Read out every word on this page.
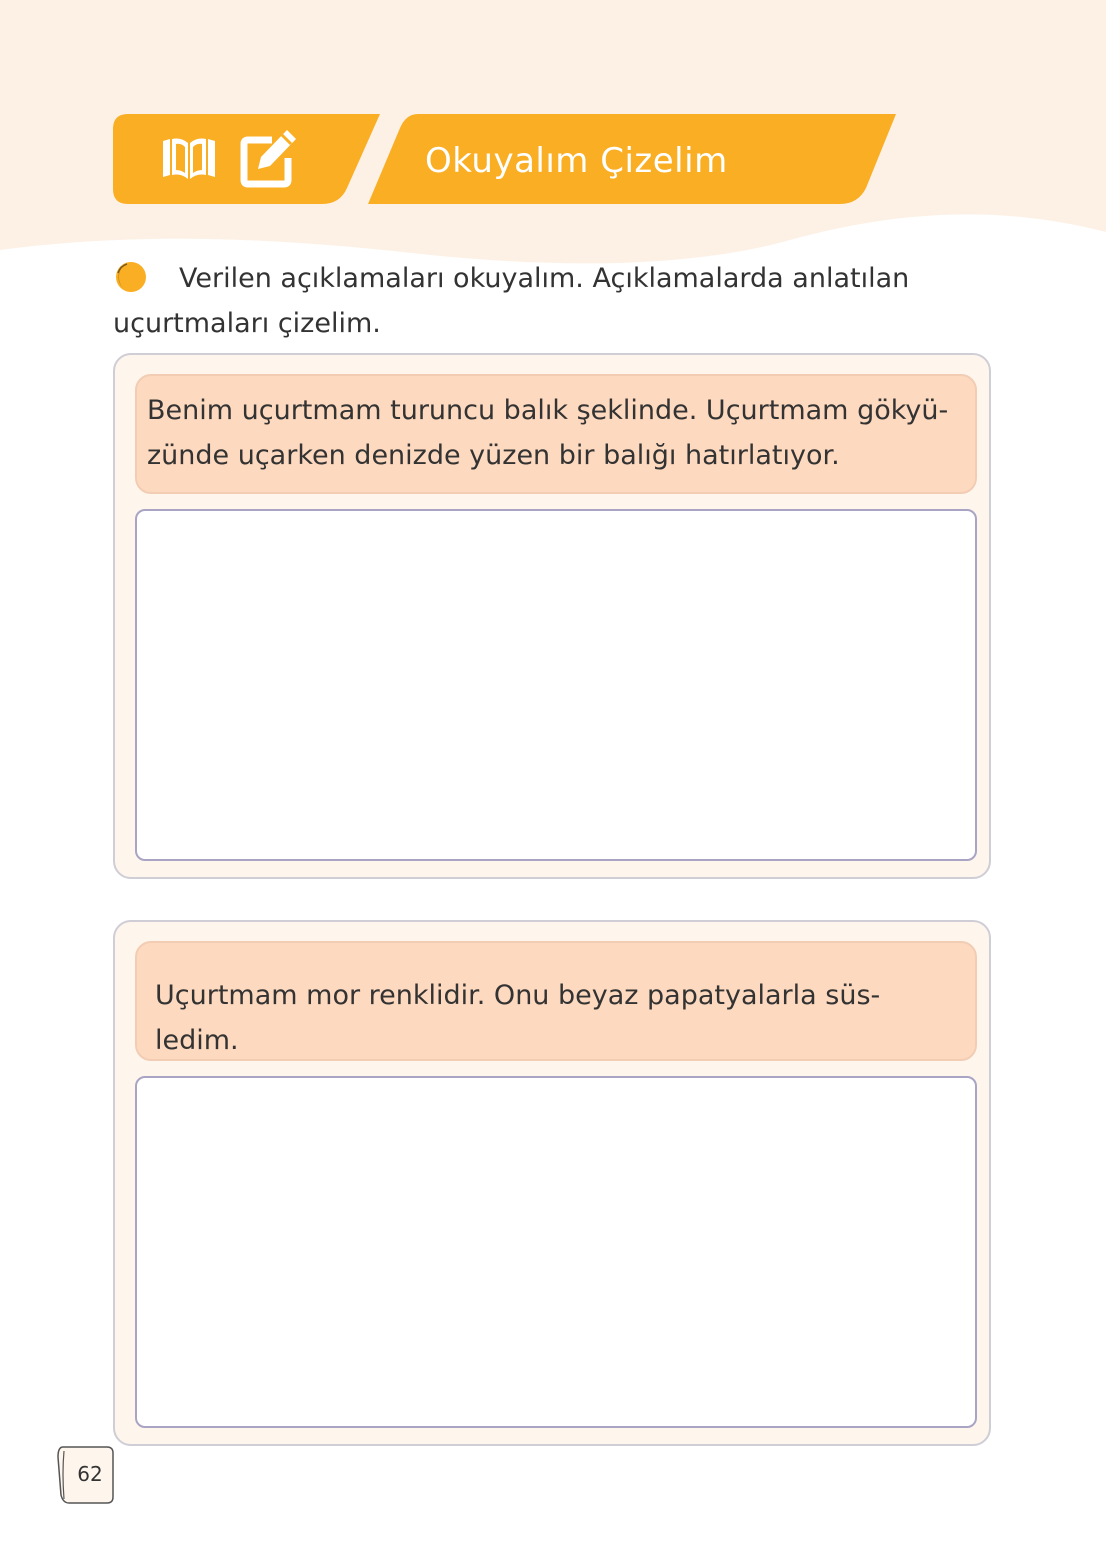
Okuyalım Çizelim
Verilen açıklamaları okuyalım. Açıklamalarda anlatılan uçurtmaları çizelim.
Benim uçurtmam turuncu balık şeklinde. Uçurtmam gökyü-zünde uçarken denizde yüzen bir balığı hatırlatıyor.
Uçurtmam mor renklidir. Onu beyaz papatyalarla süs-ledim.
62
